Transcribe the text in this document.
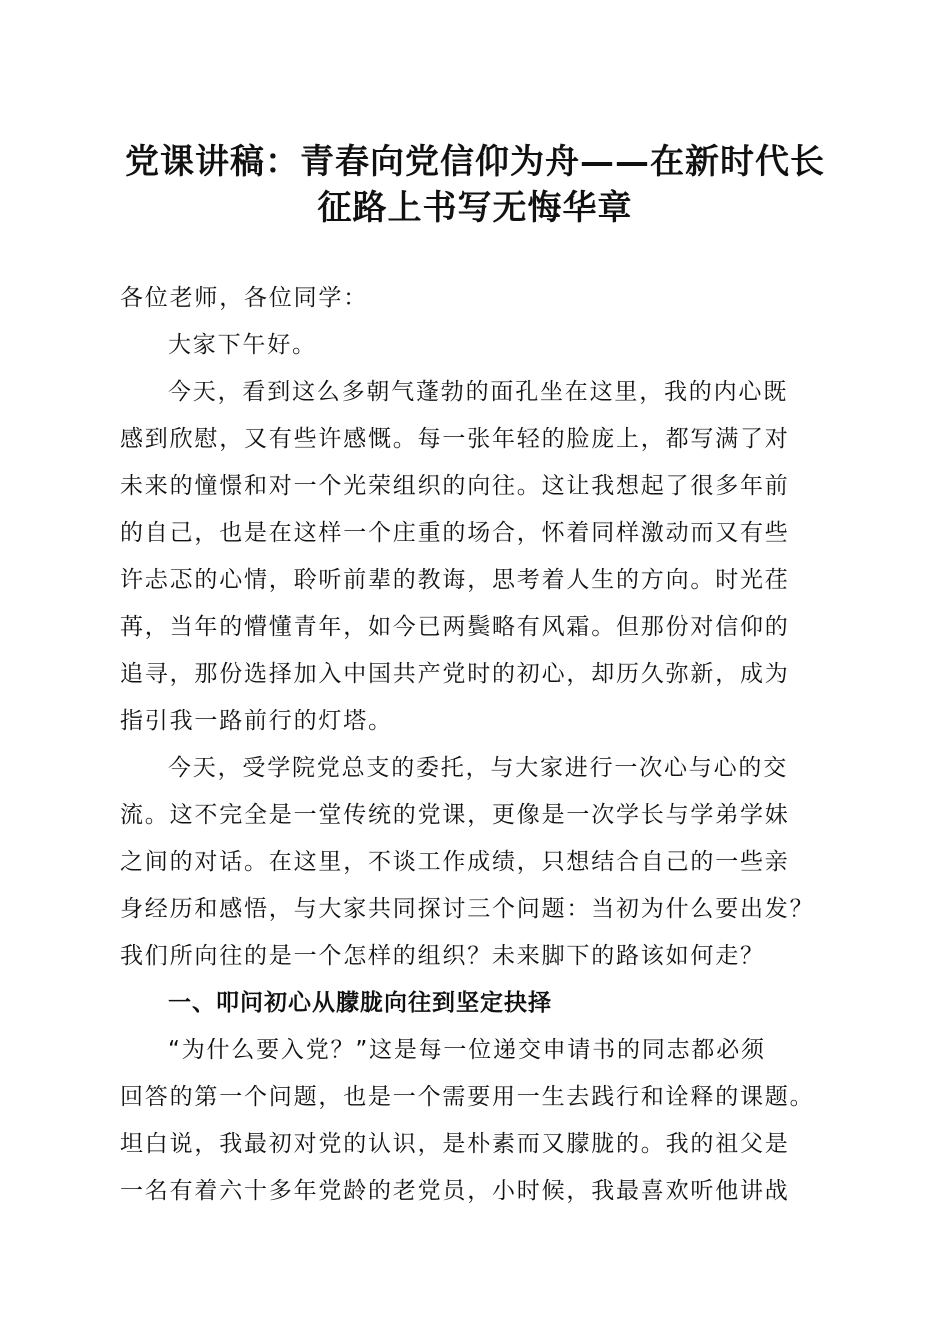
党课讲稿：青春向党信仰为舟——在新时代长
征路上书写无悔华章
各位老师，各位同学：
大家下午好。
今天，看到这么多朝气蓬勃的面孔坐在这里，我的内心既
感到欣慰，又有些许感慨。每一张年轻的脸庞上，都写满了对
未来的憧憬和对一个光荣组织的向往。这让我想起了很多年前
的自己，也是在这样一个庄重的场合，怀着同样激动而又有些
许忐忑的心情，聆听前辈的教诲，思考着人生的方向。时光荏
苒，当年的懵懂青年，如今已两鬓略有风霜。但那份对信仰的
追寻，那份选择加入中国共产党时的初心，却历久弥新，成为
指引我一路前行的灯塔。
今天，受学院党总支的委托，与大家进行一次心与心的交
流。这不完全是一堂传统的党课，更像是一次学长与学弟学妹
之间的对话。在这里，不谈工作成绩，只想结合自己的一些亲
身经历和感悟，与大家共同探讨三个问题：当初为什么要出发？
我们所向往的是一个怎样的组织？未来脚下的路该如何走？
一、叩问初心从朦胧向往到坚定抉择
“为什么要入党？”这是每一位递交申请书的同志都必须
回答的第一个问题，也是一个需要用一生去践行和诠释的课题。
坦白说，我最初对党的认识，是朴素而又朦胧的。我的祖父是
一名有着六十多年党龄的老党员，小时候，我最喜欢听他讲战
